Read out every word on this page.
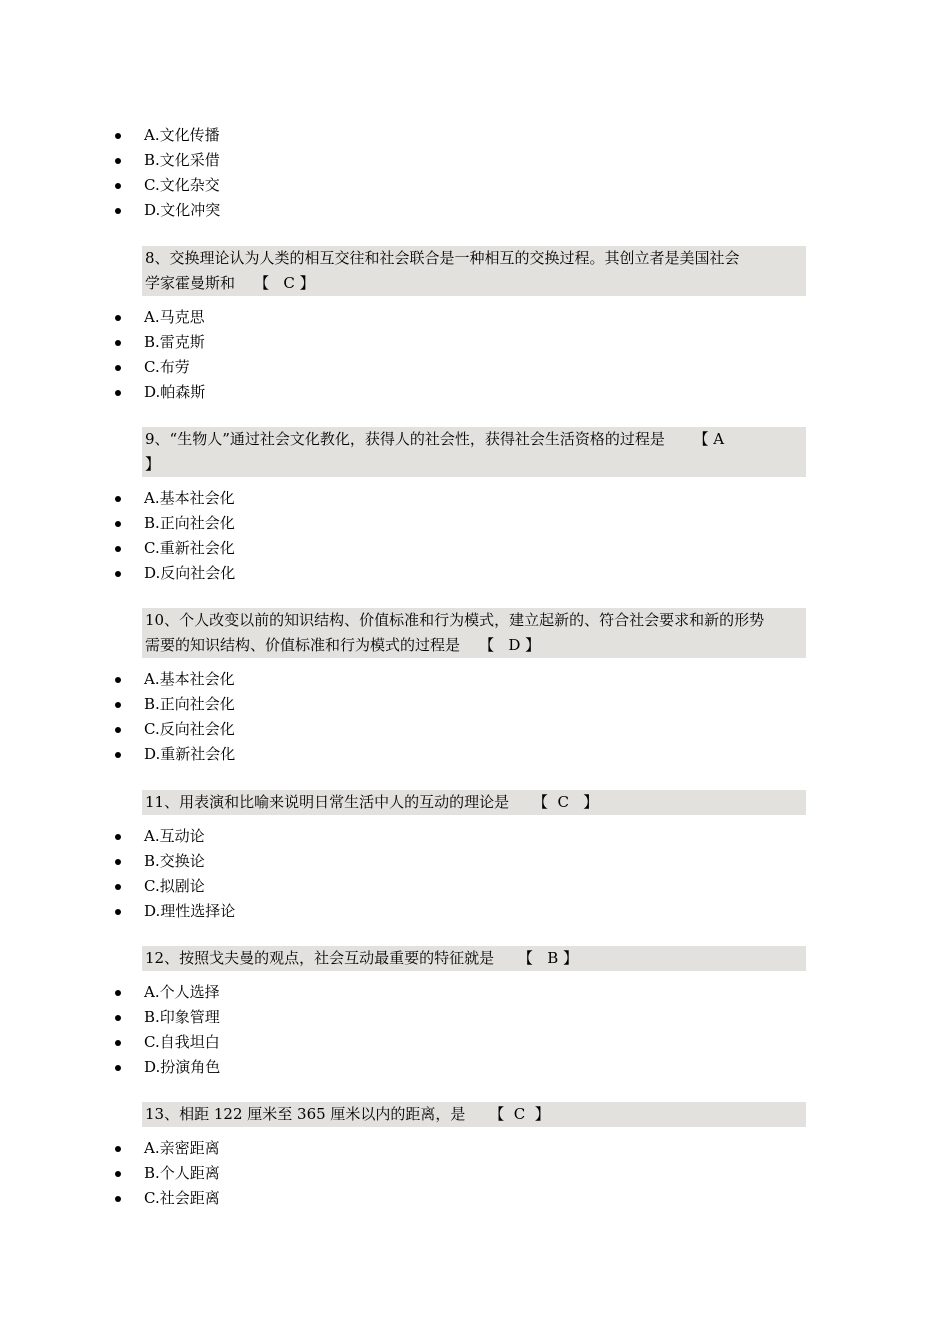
A.文化传播
B.文化采借
C.文化杂交
D.文化冲突
8、交换理论认为人类的相互交往和社会联合是一种相互的交换过程。其创立者是美国社会
学家霍曼斯和    【   C 】
A.马克思
B.雷克斯
C.布劳
D.帕森斯
9、“生物人”通过社会文化教化，获得人的社会性，获得社会生活资格的过程是      【 A
】
A.基本社会化
B.正向社会化
C.重新社会化
D.反向社会化
10、个人改变以前的知识结构、价值标准和行为模式，建立起新的、符合社会要求和新的形势
需要的知识结构、价值标准和行为模式的过程是    【   D 】
A.基本社会化
B.正向社会化
C.反向社会化
D.重新社会化
11、用表演和比喻来说明日常生活中人的互动的理论是     【  C   】
A.互动论
B.交换论
C.拟剧论
D.理性选择论
12、按照戈夫曼的观点，社会互动最重要的特征就是     【   B 】
A.个人选择
B.印象管理
C.自我坦白
D.扮演角色
13、相距 122 厘米至 365 厘米以内的距离，是     【  C  】
A.亲密距离
B.个人距离
C.社会距离
